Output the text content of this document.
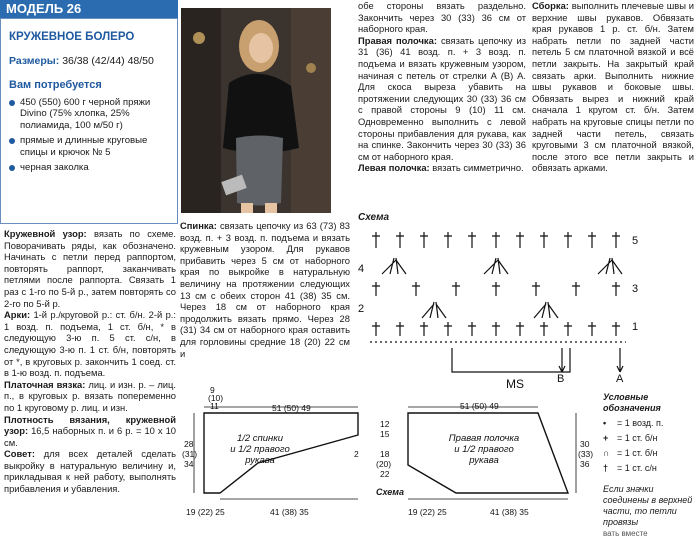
МОДЕЛЬ 26
КРУЖЕВНОЕ БОЛЕРО
Размеры: 36/38 (42/44) 48/50
Вам потребуется
450 (550) 600 г черной пряжи Divino (75% хлопка, 25% полиамида, 100 м/50 г)
прямые и длинные круговые спицы и крючок № 5
черная заколка
Кружевной узор: вязать по схеме. Поворачивать ряды, как обозначено. Начинать с петли перед раппортом, повторять раппорт, заканчивать петлями после раппорта. Связать 1 раз с 1-го по 5-й р., затем повторять со 2-го по 5-й р.
Арки: 1-й р./круговой р.: ст. б/н. 2-й р.: 1 возд. п. подъема, 1 ст. б/н, * в следующую 3-ю п. 5 ст. с/н, в следующую 3-ю п. 1 ст. б/н, повторять от *, в круговых р. закончить 1 соед. ст. в 1-ю возд. п. подъема.
Платочная вязка: лиц. и изн. р. – лиц. п., в круговых р. вязать попеременно по 1 круговому р. лиц. и изн.
Плотность вязания, кружевной узор: 16,5 наборных п. и 6 р. = 10 х 10 см.
Совет: для всех деталей сделать выкройку в натуральную величину и, прикладывая к ней работу, выполнять прибавления и убавления.
Спинка: связать цепочку из 63 (73) 83 возд. п. + 3 возд. п. подъема и вязать кружевным узором. Для рукавов прибавить через 5 см от наборного края по выкройке в натуральную величину на протяжении следующих 13 см с обеих сторон 41 (38) 35 см. Через 18 см от наборного края продолжить вязать прямо. Через 28 (31) 34 см от наборного края оставить для горловины средние 18 (20) 22 см и
обе стороны вязать раздельно. Закончить через 30 (33) 36 см от наборного края.
Правая полочка: связать цепочку из 31 (36) 41 возд. п. + 3 возд. п. подъема и вязать кружевным узором, начиная с петель от стрелки А (В) А. Для скоса выреза убавить на протяжении следующих 30 (33) 36 см с правой стороны 9 (10) 11 см. Одновременно выполнить с левой стороны прибавления для рукава, как на спинке. Закончить через 30 (33) 36 см от наборного края.
Левая полочка: вязать симметрично.
Сборка: выполнить плечевые швы и верхние швы рукавов. Обвязать края рукавов 1 р. ст. б/н. Затем набрать петли по задней части петель 5 см платочной вязкой и всё петли закрыть. На закрытый край связать арки. Выполнить нижние швы рукавов и боковые швы. Обвязать вырез и нижний край сначала 1 кругом ст. б/н. Затем набрать на круговые спицы петли по задней части петель, связать круговыми 3 см платочной вязкой, после этого все петли закрыть и обвязать арками.
Схема
5
4
3
2
1
MS	B	A
9
(10)
11	51 (50) 49
28
(31)
34
2
19 (22) 25	41 (38) 35
1/2 спинки
и 1/2 правого
рукава
51 (50) 49
12
15
18
(20)
22
30
(33)
36
19 (22) 25	41 (38) 35
Правая полочка
и 1/2 правого
рукава
Схема
Условные обозначения
•	= 1 возд. п.
+ = 1 ст. б/н
∩ = 1 ст. б/н
† = 1 ст. с/н
Если значки соединены в верхней части, то петли провязы
вать вместе
